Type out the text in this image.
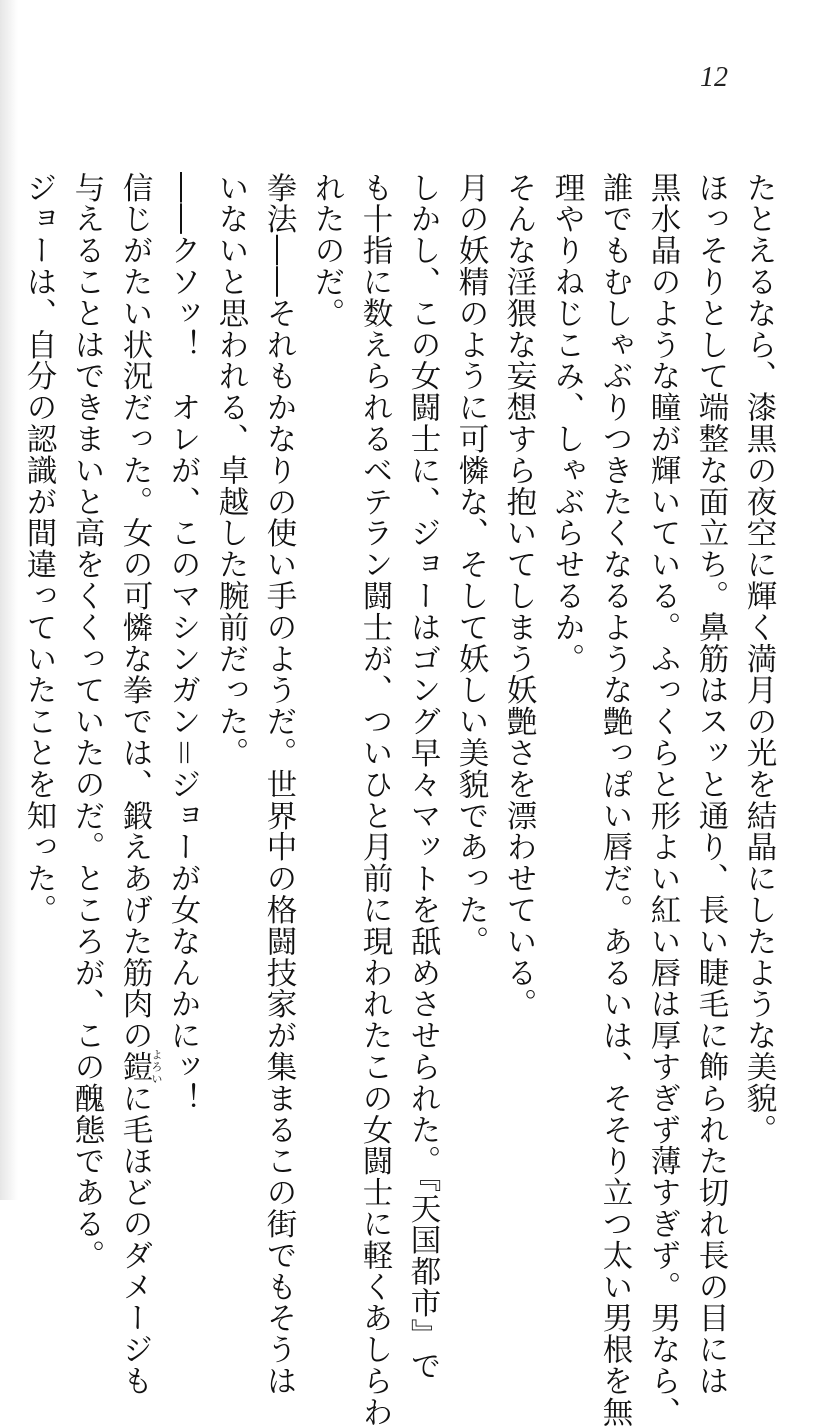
12
たとえるなら、漆黒の夜空に輝く満月の光を結晶にしたような美貌。
ほっそりとして端整な面立ち。鼻筋はスッと通り、長い睫毛に飾られた切れ長の目には
黒水晶のような瞳が輝いている。ふっくらと形よい紅い唇は厚すぎず薄すぎず。男なら、
誰でもむしゃぶりつきたくなるような艶っぽい唇だ。あるいは、そそり立つ太い男根を無
理やりねじこみ、しゃぶらせるか。
そんな淫猥な妄想すら抱いてしまう妖艶さを漂わせている。
月の妖精のように可憐な、そして妖しい美貌であった。
しかし、この女闘士に、ジョーはゴング早々マットを舐めさせられた。『天国都市』で
も十指に数えられるベテラン闘士が、ついひと月前に現われたこの女闘士に軽くあしらわ
れたのだ。
拳法――それもかなりの使い手のようだ。世界中の格闘技家が集まるこの街でもそうは
いないと思われる、卓越した腕前だった。
――クソッ！　オレが、このマシンガン＝ジョーが女なんかにッ！
信じがたい状況だった。女の可憐な拳では、鍛えあげた筋肉の鎧よろいに毛ほどのダメージも
与えることはできまいと高をくくっていたのだ。ところが、この醜態である。
ジョーは、自分の認識が間違っていたことを知った。
